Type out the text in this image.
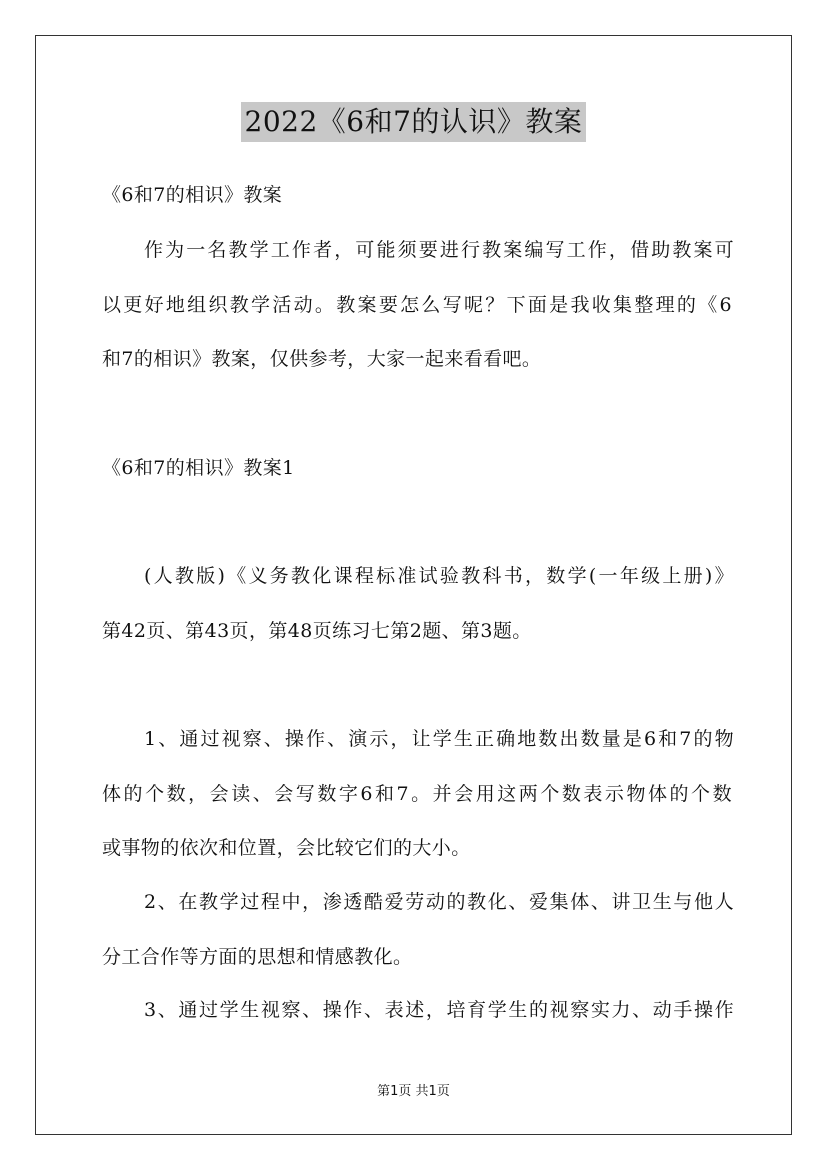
2022《6和7的认识》教案
《6和7的相识》教案
作为一名教学工作者，可能须要进行教案编写工作，借助教案可
以更好地组织教学活动。教案要怎么写呢？下面是我收集整理的《6
和7的相识》教案，仅供参考，大家一起来看看吧。
《6和7的相识》教案1
(人教版)《义务教化课程标准试验教科书，数学(一年级上册)》
第42页、第43页，第48页练习七第2题、第3题。
1、通过视察、操作、演示，让学生正确地数出数量是6和7的物
体的个数，会读、会写数字6和7。并会用这两个数表示物体的个数
或事物的依次和位置，会比较它们的大小。
2、在教学过程中，渗透酷爱劳动的教化、爱集体、讲卫生与他人
分工合作等方面的思想和情感教化。
3、通过学生视察、操作、表述，培育学生的视察实力、动手操作
第1页 共1页
